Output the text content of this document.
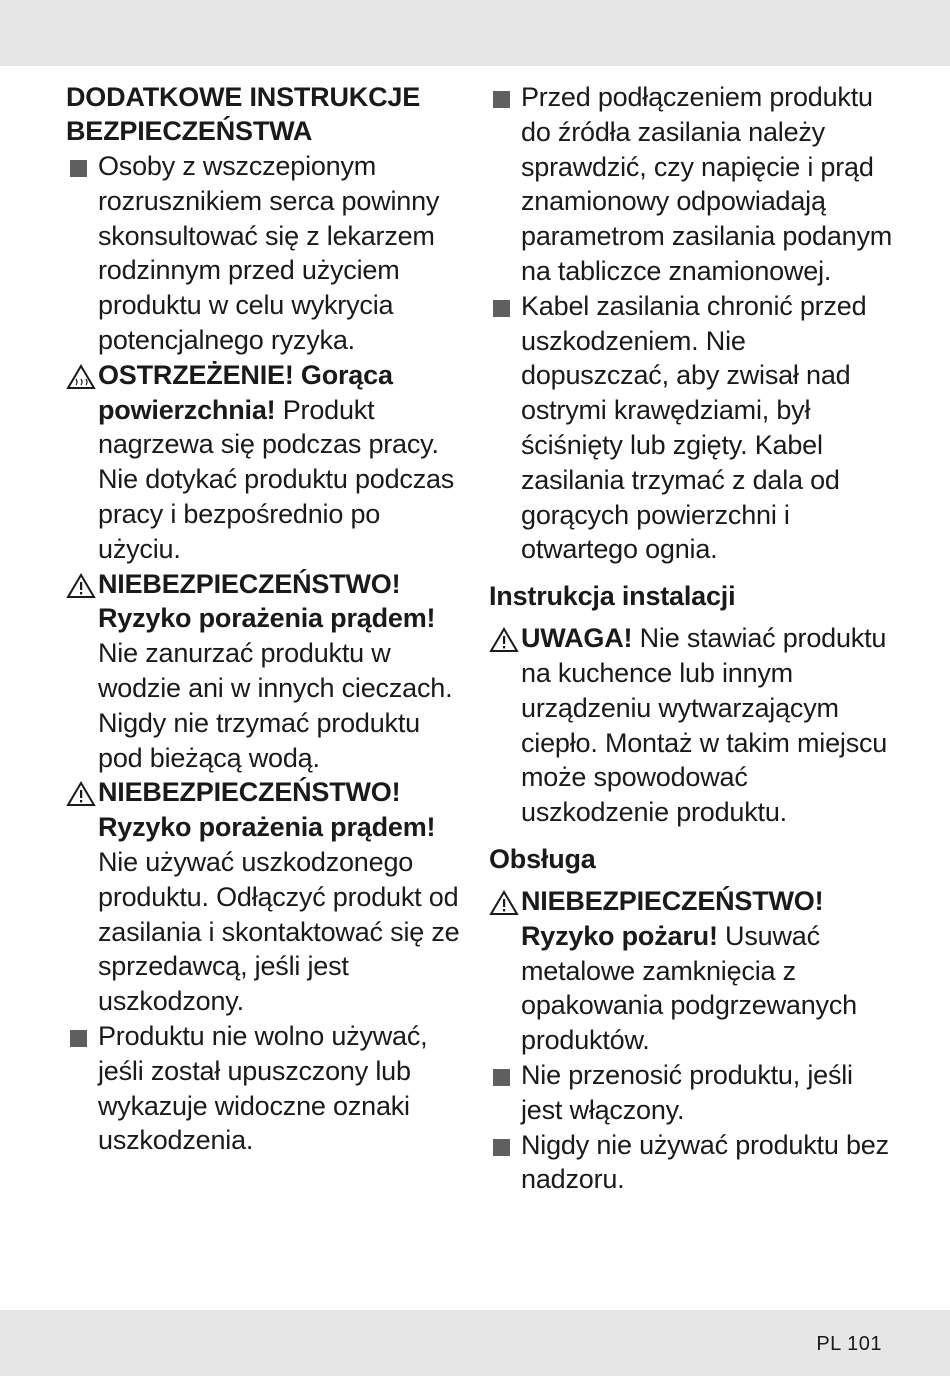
DODATKOWE INSTRUKCJE
BEZPIECZEŃSTWA
Osoby z wszczepionym rozrusznikiem serca powinny skonsultować się z lekarzem rodzinnym przed użyciem produktu w celu wykrycia potencjalnego ryzyka.
OSTRZEŻENIE! Gorąca powierzchnia! Produkt nagrzewa się podczas pracy. Nie dotykać produktu podczas pracy i bezpośrednio po użyciu.
NIEBEZPIECZEŃSTWO! Ryzyko porażenia prądem! Nie zanurzać produktu w wodzie ani w innych cieczach. Nigdy nie trzymać produktu pod bieżącą wodą.
NIEBEZPIECZEŃSTWO! Ryzyko porażenia prądem! Nie używać uszkodzonego produktu. Odłączyć produkt od zasilania i skontaktować się ze sprzedawcą, jeśli jest uszkodzony.
Produktu nie wolno używać, jeśli został upuszczony lub wykazuje widoczne oznaki uszkodzenia.
Przed podłączeniem produktu do źródła zasilania należy sprawdzić, czy napięcie i prąd znamionowy odpowiadają parametrom zasilania podanym na tabliczce znamionowej.
Kabel zasilania chronić przed uszkodzeniem. Nie dopuszczać, aby zwisał nad ostrymi krawędziami, był ściśnięty lub zgięty. Kabel zasilania trzymać z dala od gorących powierzchni i otwartego ognia.
Instrukcja instalacji
UWAGA! Nie stawiać produktu na kuchence lub innym urządzeniu wytwarzającym ciepło. Montaż w takim miejscu może spowodować uszkodzenie produktu.
Obsługa
NIEBEZPIECZEŃSTWO! Ryzyko pożaru! Usuwać metalowe zamknięcia z opakowania podgrzewanych produktów.
Nie przenosić produktu, jeśli jest włączony.
Nigdy nie używać produktu bez nadzoru.
PL 101
